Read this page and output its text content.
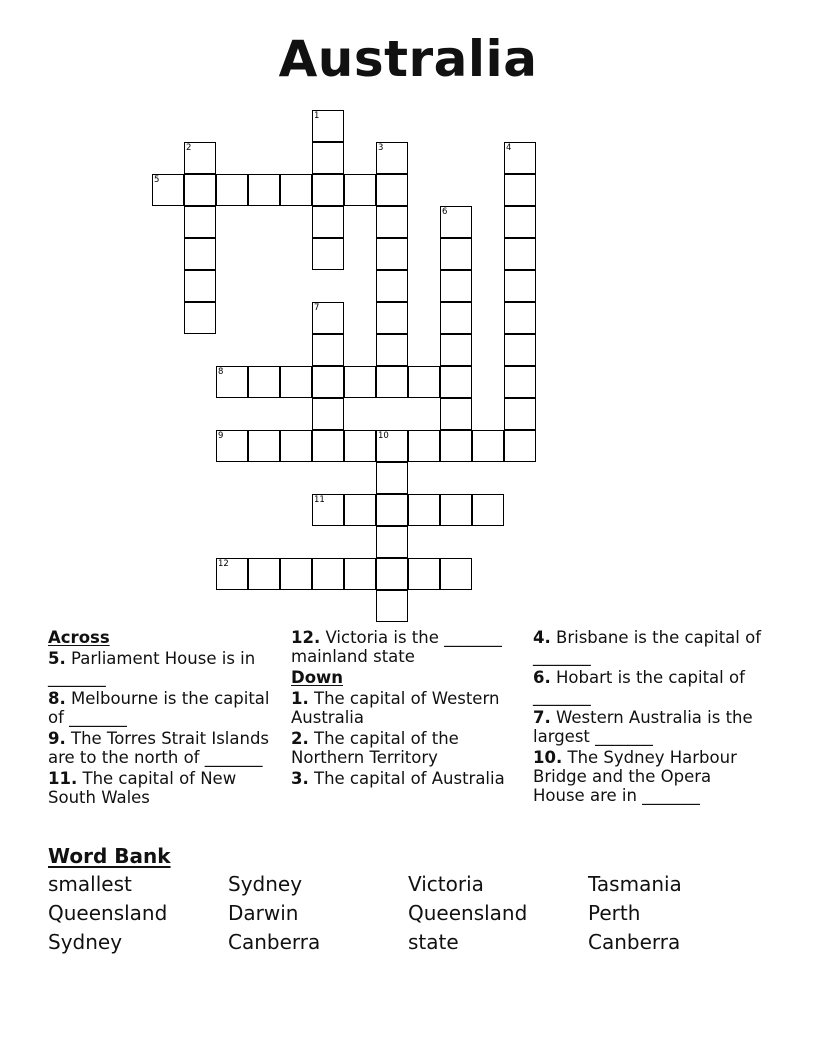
Australia
1
2	3	4
5
6
7
8
9	10
11
12
Across
5. Parliament House is in _______
8. Melbourne is the capital of _______
9. The Torres Strait Islands are to the north of _______
11. The capital of New South Wales
12. Victoria is the _______ mainland state
Down
1. The capital of Western Australia
2. The capital of the Northern Territory
3. The capital of Australia
4. Brisbane is the capital of _______
6. Hobart is the capital of _______
7. Western Australia is the largest _______
10. The Sydney Harbour Bridge and the Opera House are in _______
Word Bank
smallest	Sydney	Victoria	Tasmania
Queensland	Darwin	Queensland	Perth
Sydney	Canberra	state	Canberra
